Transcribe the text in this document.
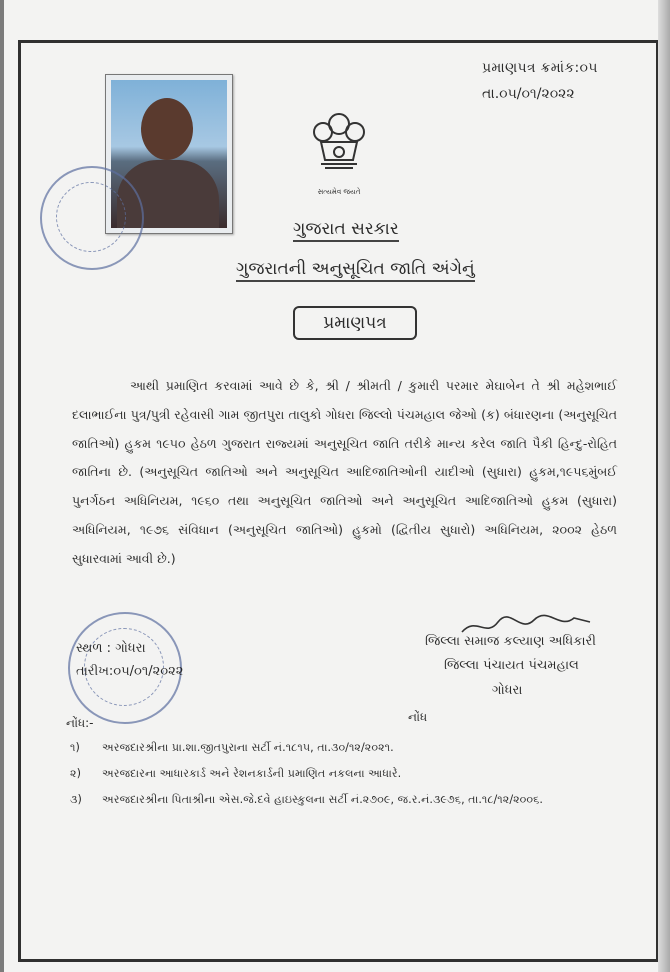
પ્રમાણપત્ર ક્રમાંક:૦૫
તા.૦૫/૦૧/૨૦૨૨
સત્યમેવ જયતે
ગુજરાત સરકાર
ગુજરાતની અનુસૂચિત જાતિ અંગેનું
પ્રમાણપત્ર
આથી પ્રમાણિત કરવામાં આવે છે કે, શ્રી / શ્રીમતી / કુમારી પરમાર મેઘાબેન તે શ્રી મહેશભાઈ દલાભાઈના પુત્ર/પુત્રી રહેવાસી ગામ જીતપુરા તાલુકો ગોધરા જિલ્લો પંચમહાલ જેઓ (ક) બંધારણના (અનુસૂચિત જાતિઓ) હુકમ ૧૯૫૦ હેઠળ ગુજરાત રાજ્યમાં અનુસૂચિત જાતિ તરીકે માન્ય કરેલ જાતિ પૈકી હિન્દુ-રોહિત જાતિના છે. (અનુસૂચિત જાતિઓ અને અનુસૂચિત આદિજાતિઓની યાદીઓ (સુધારા) હુકમ,૧૯૫૬મુંબઈ પુનર્ગઠન અધિનિયમ, ૧૯૬૦ તથા અનુસૂચિત જાતિઓ અને અનુસૂચિત આદિજાતિઓ હુકમ (સુધારા) અધિનિયમ, ૧૯૭૬ સંવિધાન (અનુસૂચિત જાતિઓ) હુકમો (દ્વિતીય સુધારો) અધિનિયમ, ૨૦૦૨ હેઠળ સુધારવામાં આવી છે.)
જિલ્લા સમાજ કલ્યાણ અધિકારી
જિલ્લા પંચાયત પંચમહાલ
ગોધરા
સ્થળ : ગોધરા
તારીખ:૦૫/૦૧/૨૦૨૨
નોંધ
નોંધ:-
૧) અરજદારશ્રીના પ્રા.શા.જીતપુરાના સર્ટી નં.૧૮૧૫, તા.૩૦/૧૨/૨૦૨૧.
૨) અરજદારના આધારકાર્ડ અને રેશનકાર્ડની પ્રમાણિત નકલના આધારે.
૩) અરજદારશ્રીના પિતાશ્રીના એસ.જે.દવે હાઇસ્કુલના સર્ટી નં.૨૭૦૯, જ.ર.નં.૩૯૭૬, તા.૧૮/૧૨/૨૦૦૬.
